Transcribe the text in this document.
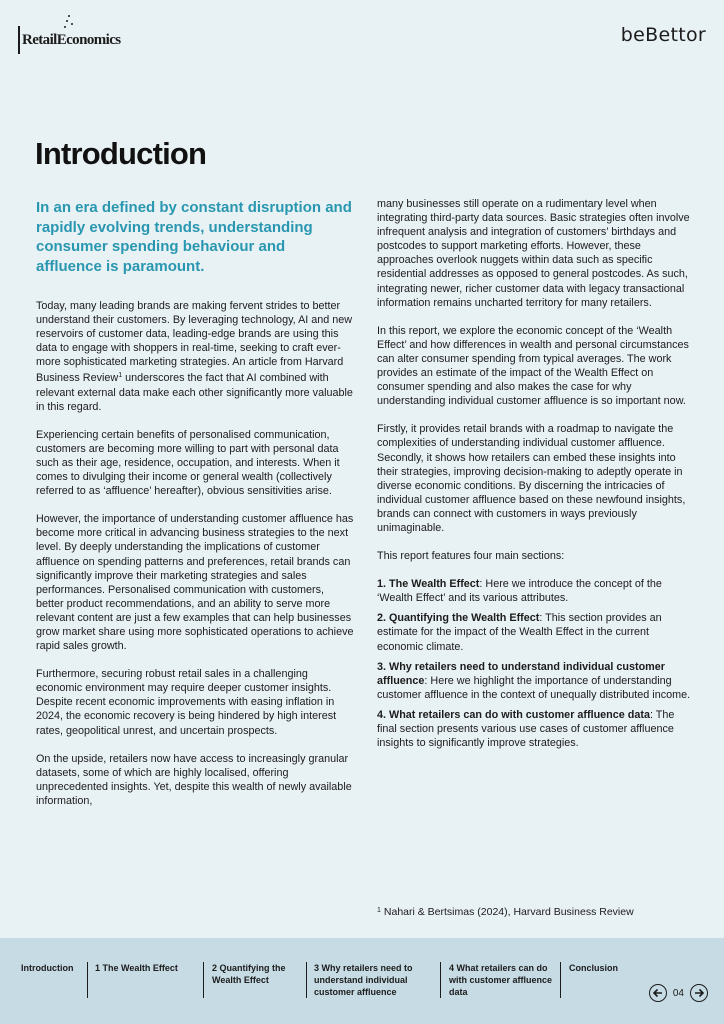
RetailEconomics	beBettor
Introduction
In an era defined by constant disruption and rapidly evolving trends, understanding consumer spending behaviour and affluence is paramount.

Today, many leading brands are making fervent strides to better understand their customers. By leveraging technology, AI and new reservoirs of customer data, leading-edge brands are using this data to engage with shoppers in real-time, seeking to craft ever-more sophisticated marketing strategies. An article from Harvard Business Review$^1$ underscores the fact that AI combined with relevant external data make each other significantly more valuable in this regard.

Experiencing certain benefits of personalised communication, customers are becoming more willing to part with personal data such as their age, residence, occupation, and interests. When it comes to divulging their income or general wealth (collectively referred to as ‘affluence’ hereafter), obvious sensitivities arise.

However, the importance of understanding customer affluence has become more critical in advancing business strategies to the next level. By deeply understanding the implications of customer affluence on spending patterns and preferences, retail brands can significantly improve their marketing strategies and sales performances. Personalised communication with customers, better product recommendations, and an ability to serve more relevant content are just a few examples that can help businesses grow market share using more sophisticated operations to achieve rapid sales growth.

Furthermore, securing robust retail sales in a challenging economic environment may require deeper customer insights. Despite recent economic improvements with easing inflation in 2024, the economic recovery is being hindered by high interest rates, geopolitical unrest, and uncertain prospects.

On the upside, retailers now have access to increasingly granular datasets, some of which are highly localised, offering unprecedented insights. Yet, despite this wealth of newly available information,

many businesses still operate on a rudimentary level when integrating third-party data sources. Basic strategies often involve infrequent analysis and integration of customers’ birthdays and postcodes to support marketing efforts. However, these approaches overlook nuggets within data such as specific residential addresses as opposed to general postcodes. As such, integrating newer, richer customer data with legacy transactional information remains uncharted territory for many retailers.

In this report, we explore the economic concept of the ‘Wealth Effect’ and how differences in wealth and personal circumstances can alter consumer spending from typical averages. The work provides an estimate of the impact of the Wealth Effect on consumer spending and also makes the case for why understanding individual customer affluence is so important now.

Firstly, it provides retail brands with a roadmap to navigate the complexities of understanding individual customer affluence. Secondly, it shows how retailers can embed these insights into their strategies, improving decision-making to adeptly operate in diverse economic conditions. By discerning the intricacies of individual customer affluence based on these newfound insights, brands can connect with customers in ways previously unimaginable.

This report features four main sections:

1. The Wealth Effect: Here we introduce the concept of the ‘Wealth Effect’ and its various attributes.

2. Quantifying the Wealth Effect: This section provides an estimate for the impact of the Wealth Effect in the current economic climate.

3. Why retailers need to understand individual customer affluence: Here we highlight the importance of understanding customer affluence in the context of unequally distributed income.

4. What retailers can do with customer affluence data: The final section presents various use cases of customer affluence insights to significantly improve strategies.

$^1$ Nahari & Bertsimas (2024), Harvard Business Review
Introduction	1 The Wealth Effect	2 Quantifying the Wealth Effect
3 Why retailers need to understand individual customer affluence
4 What retailers can do with customer affluence data
Conclusion
04
